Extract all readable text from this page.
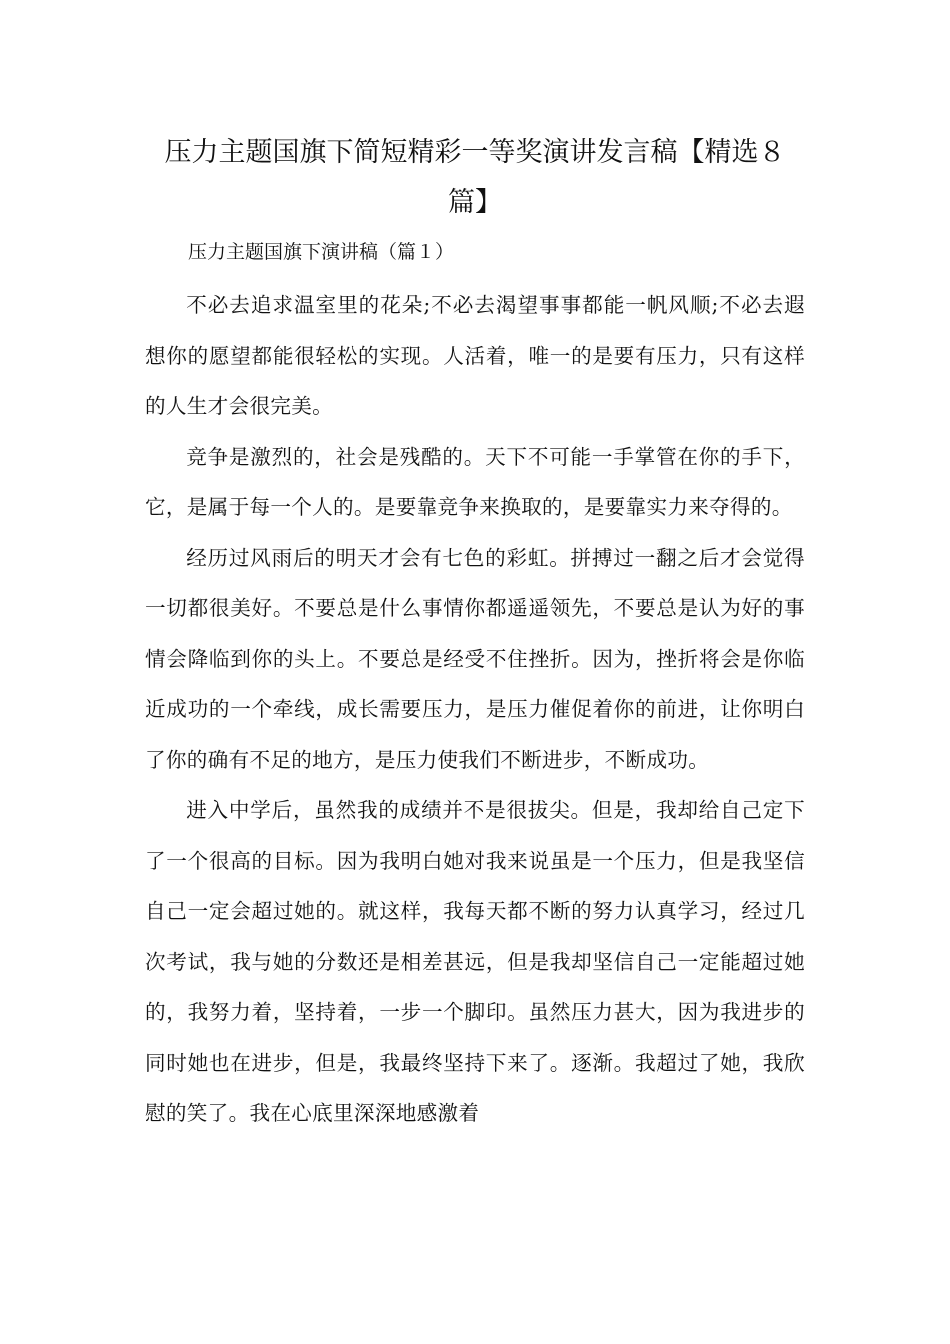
压力主题国旗下简短精彩一等奖演讲发言稿【精选８篇】

压力主题国旗下演讲稿（篇１）

不必去追求温室里的花朵;不必去渴望事事都能一帆风顺;不必去遐想你的愿望都能很轻松的实现。人活着，唯一的是要有压力，只有这样的人生才会很完美。

竞争是激烈的，社会是残酷的。天下不可能一手掌管在你的手下，它，是属于每一个人的。是要靠竞争来换取的，是要靠实力来夺得的。

经历过风雨后的明天才会有七色的彩虹。拼搏过一翻之后才会觉得一切都很美好。不要总是什么事情你都遥遥领先，不要总是认为好的事情会降临到你的头上。不要总是经受不住挫折。因为，挫折将会是你临近成功的一个牵线，成长需要压力，是压力催促着你的前进，让你明白了你的确有不足的地方，是压力使我们不断进步，不断成功。

进入中学后，虽然我的成绩并不是很拔尖。但是，我却给自己定下了一个很高的目标。因为我明白她对我来说虽是一个压力，但是我坚信自己一定会超过她的。就这样，我每天都不断的努力认真学习，经过几次考试，我与她的分数还是相差甚远，但是我却坚信自己一定能超过她的，我努力着，坚持着，一步一个脚印。虽然压力甚大，因为我进步的同时她也在进步，但是，我最终坚持下来了。逐渐。我超过了她，我欣慰的笑了。我在心底里深深地感激着
